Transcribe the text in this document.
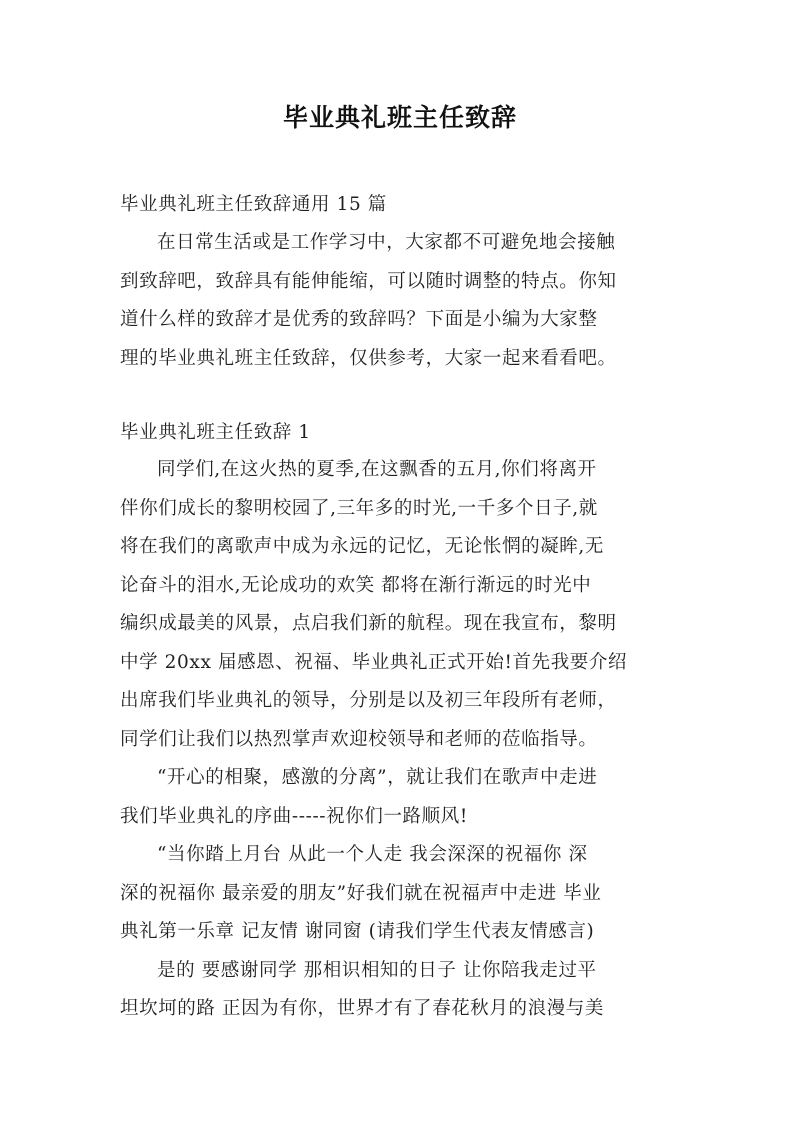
毕业典礼班主任致辞
毕业典礼班主任致辞通用 15 篇
在日常生活或是工作学习中，大家都不可避免地会接触
到致辞吧，致辞具有能伸能缩，可以随时调整的特点。你知
道什么样的致辞才是优秀的致辞吗？下面是小编为大家整
理的毕业典礼班主任致辞，仅供参考，大家一起来看看吧。
毕业典礼班主任致辞 1
同学们,在这火热的夏季,在这飘香的五月,你们将离开
伴你们成长的黎明校园了,三年多的时光,一千多个日子,就
将在我们的离歌声中成为永远的记忆，无论怅惘的凝眸,无
论奋斗的泪水,无论成功的欢笑 都将在渐行渐远的时光中
编织成最美的风景，点启我们新的航程。现在我宣布，黎明
中学 20xx 届感恩、祝福、毕业典礼正式开始!首先我要介绍
出席我们毕业典礼的领导，分别是以及初三年段所有老师，
同学们让我们以热烈掌声欢迎校领导和老师的莅临指导。
“开心的相聚，感激的分离”，就让我们在歌声中走进
我们毕业典礼的序曲-----祝你们一路顺风!
“当你踏上月台 从此一个人走 我会深深的祝福你 深
深的祝福你 最亲爱的朋友”好我们就在祝福声中走进 毕业
典礼第一乐章 记友情 谢同窗 (请我们学生代表友情感言)
是的 要感谢同学 那相识相知的日子 让你陪我走过平
坦坎坷的路 正因为有你，世界才有了春花秋月的浪漫与美
